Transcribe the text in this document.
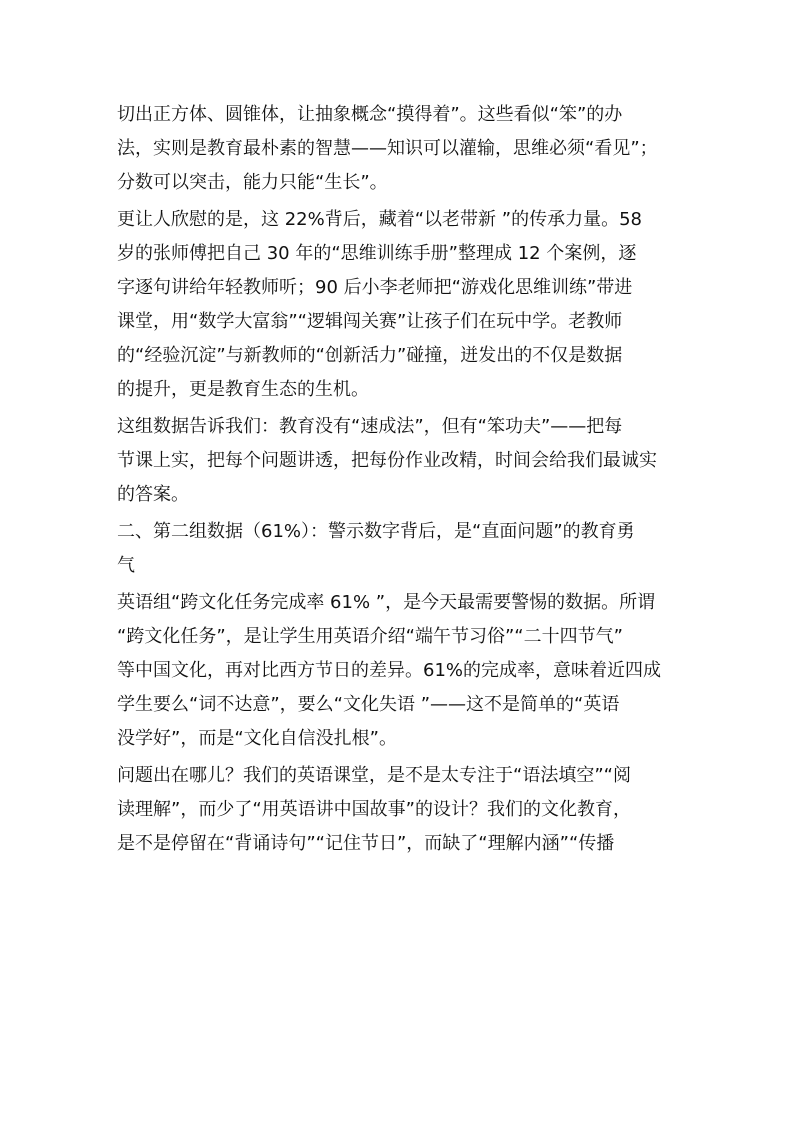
切出正方体、圆锥体，让抽象概念“摸得着”。这些看似“笨”的办
法，实则是教育最朴素的智慧——知识可以灌输，思维必须“看见”；
分数可以突击，能力只能“生长”。
更让人欣慰的是，这 22%背后，藏着“以老带新 ”的传承力量。58
岁的张师傅把自己 30 年的“思维训练手册”整理成 12 个案例，逐
字逐句讲给年轻教师听；90 后小李老师把“游戏化思维训练”带进
课堂，用“数学大富翁”“逻辑闯关赛”让孩子们在玩中学。老教师
的“经验沉淀”与新教师的“创新活力”碰撞，迸发出的不仅是数据
的提升，更是教育生态的生机。
这组数据告诉我们：教育没有“速成法”，但有“笨功夫”——把每
节课上实，把每个问题讲透，把每份作业改精，时间会给我们最诚实
的答案。
二、第二组数据（61%）：警示数字背后，是“直面问题”的教育勇
气
英语组“跨文化任务完成率 61% ”，是今天最需要警惕的数据。所谓
“跨文化任务”，是让学生用英语介绍“端午节习俗”“二十四节气”
等中国文化，再对比西方节日的差异。61%的完成率，意味着近四成
学生要么“词不达意”，要么“文化失语 ”——这不是简单的“英语
没学好”，而是“文化自信没扎根”。
问题出在哪儿？我们的英语课堂，是不是太专注于“语法填空”“阅
读理解”，而少了“用英语讲中国故事”的设计？我们的文化教育，
是不是停留在“背诵诗句”“记住节日”，而缺了“理解内涵”“传播
